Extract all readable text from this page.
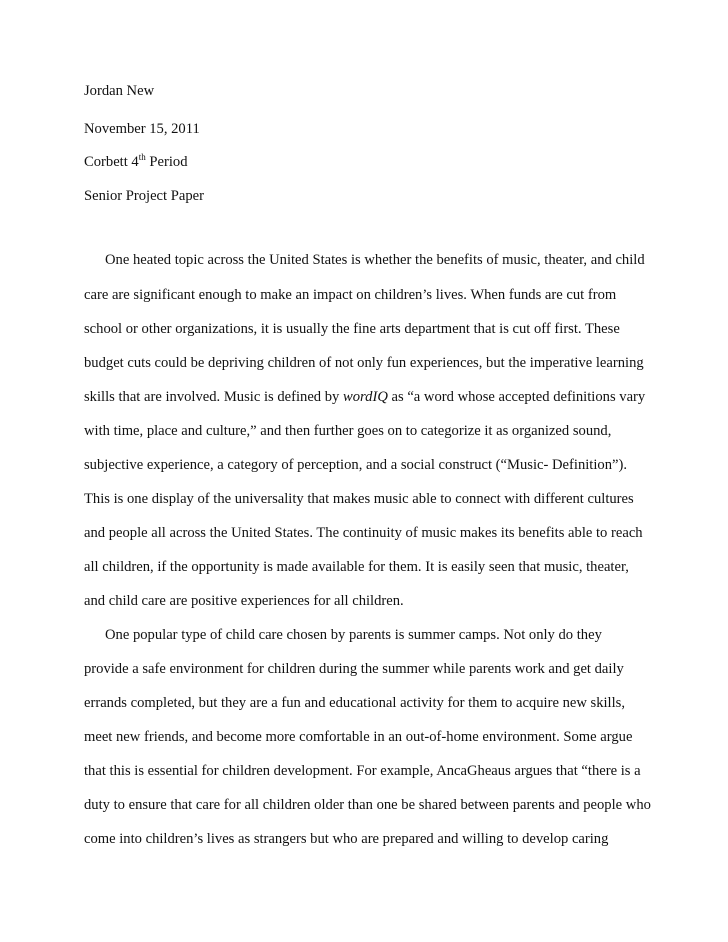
Jordan New

November 15, 2011

Corbett 4th Period

Senior Project Paper

One heated topic across the United States is whether the benefits of music, theater, and child

care are significant enough to make an impact on children’s lives. When funds are cut from

school or other organizations, it is usually the fine arts department that is cut off first. These

budget cuts could be depriving children of not only fun experiences, but the imperative learning

skills that are involved. Music is defined by wordIQ as “a word whose accepted definitions vary

with time, place and culture,” and then further goes on to categorize it as organized sound,

subjective experience, a category of perception, and a social construct (“Music- Definition”).

This is one display of the universality that makes music able to connect with different cultures

and people all across the United States. The continuity of music makes its benefits able to reach

all children, if the opportunity is made available for them. It is easily seen that music, theater,

and child care are positive experiences for all children.

One popular type of child care chosen by parents is summer camps. Not only do they

provide a safe environment for children during the summer while parents work and get daily

errands completed, but they are a fun and educational activity for them to acquire new skills,

meet new friends, and become more comfortable in an out-of-home environment. Some argue

that this is essential for children development. For example, AncaGheaus argues that “there is a

duty to ensure that care for all children older than one be shared between parents and people who

come into children’s lives as strangers but who are prepared and willing to develop caring
